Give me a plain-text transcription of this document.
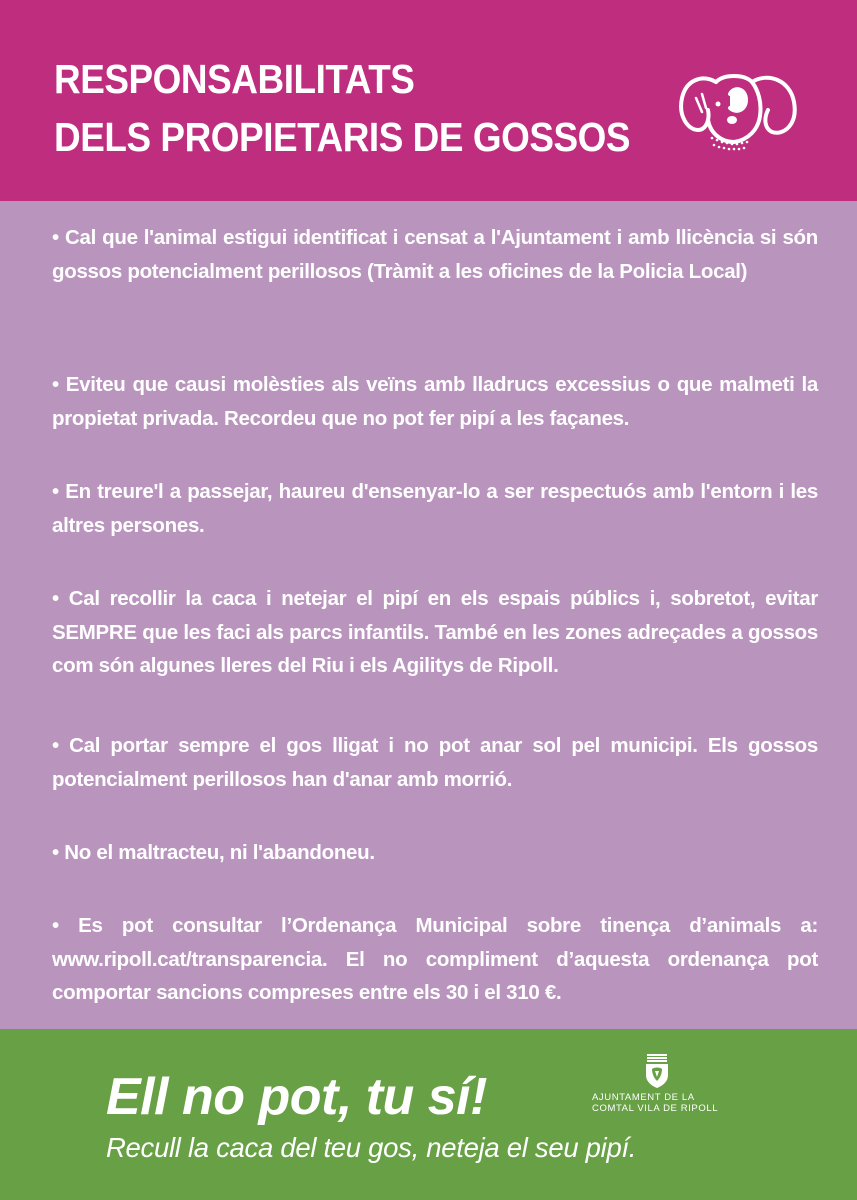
RESPONSABILITATS
DELS PROPIETARIS DE GOSSOS

• Cal que l'animal estigui identificat i censat a l'Ajuntament i amb llicència si són gossos potencialment perillosos (Tràmit a les oficines de la Policia Local)

• Eviteu que causi molèsties als veïns amb lladrucs excessius o que malmeti la propietat privada. Recordeu que no pot fer pipí a les façanes.

• En treure'l a passejar, haureu d'ensenyar-lo a ser respectuós amb l'entorn i les altres persones.

• Cal recollir la caca i netejar el pipí en els espais públics i, sobretot, evitar SEMPRE que les faci als parcs infantils. També en les zones adreçades a gossos com són algunes lleres del Riu i els Agilitys de Ripoll.

• Cal portar sempre el gos lligat i no pot anar sol pel municipi. Els gossos potencialment perillosos han d'anar amb morrió.

• No el maltracteu, ni l'abandoneu.

• Es pot consultar l’Ordenança Municipal sobre tinença d’animals a: www.ripoll.cat/transparencia. El no compliment d’aquesta ordenança pot comportar sancions compreses entre els 30 i el 310 €.

Ell no pot, tu sí!
Recull la caca del teu gos, neteja el seu pipí.
AJUNTAMENT DE LA
COMTAL VILA DE RIPOLL
